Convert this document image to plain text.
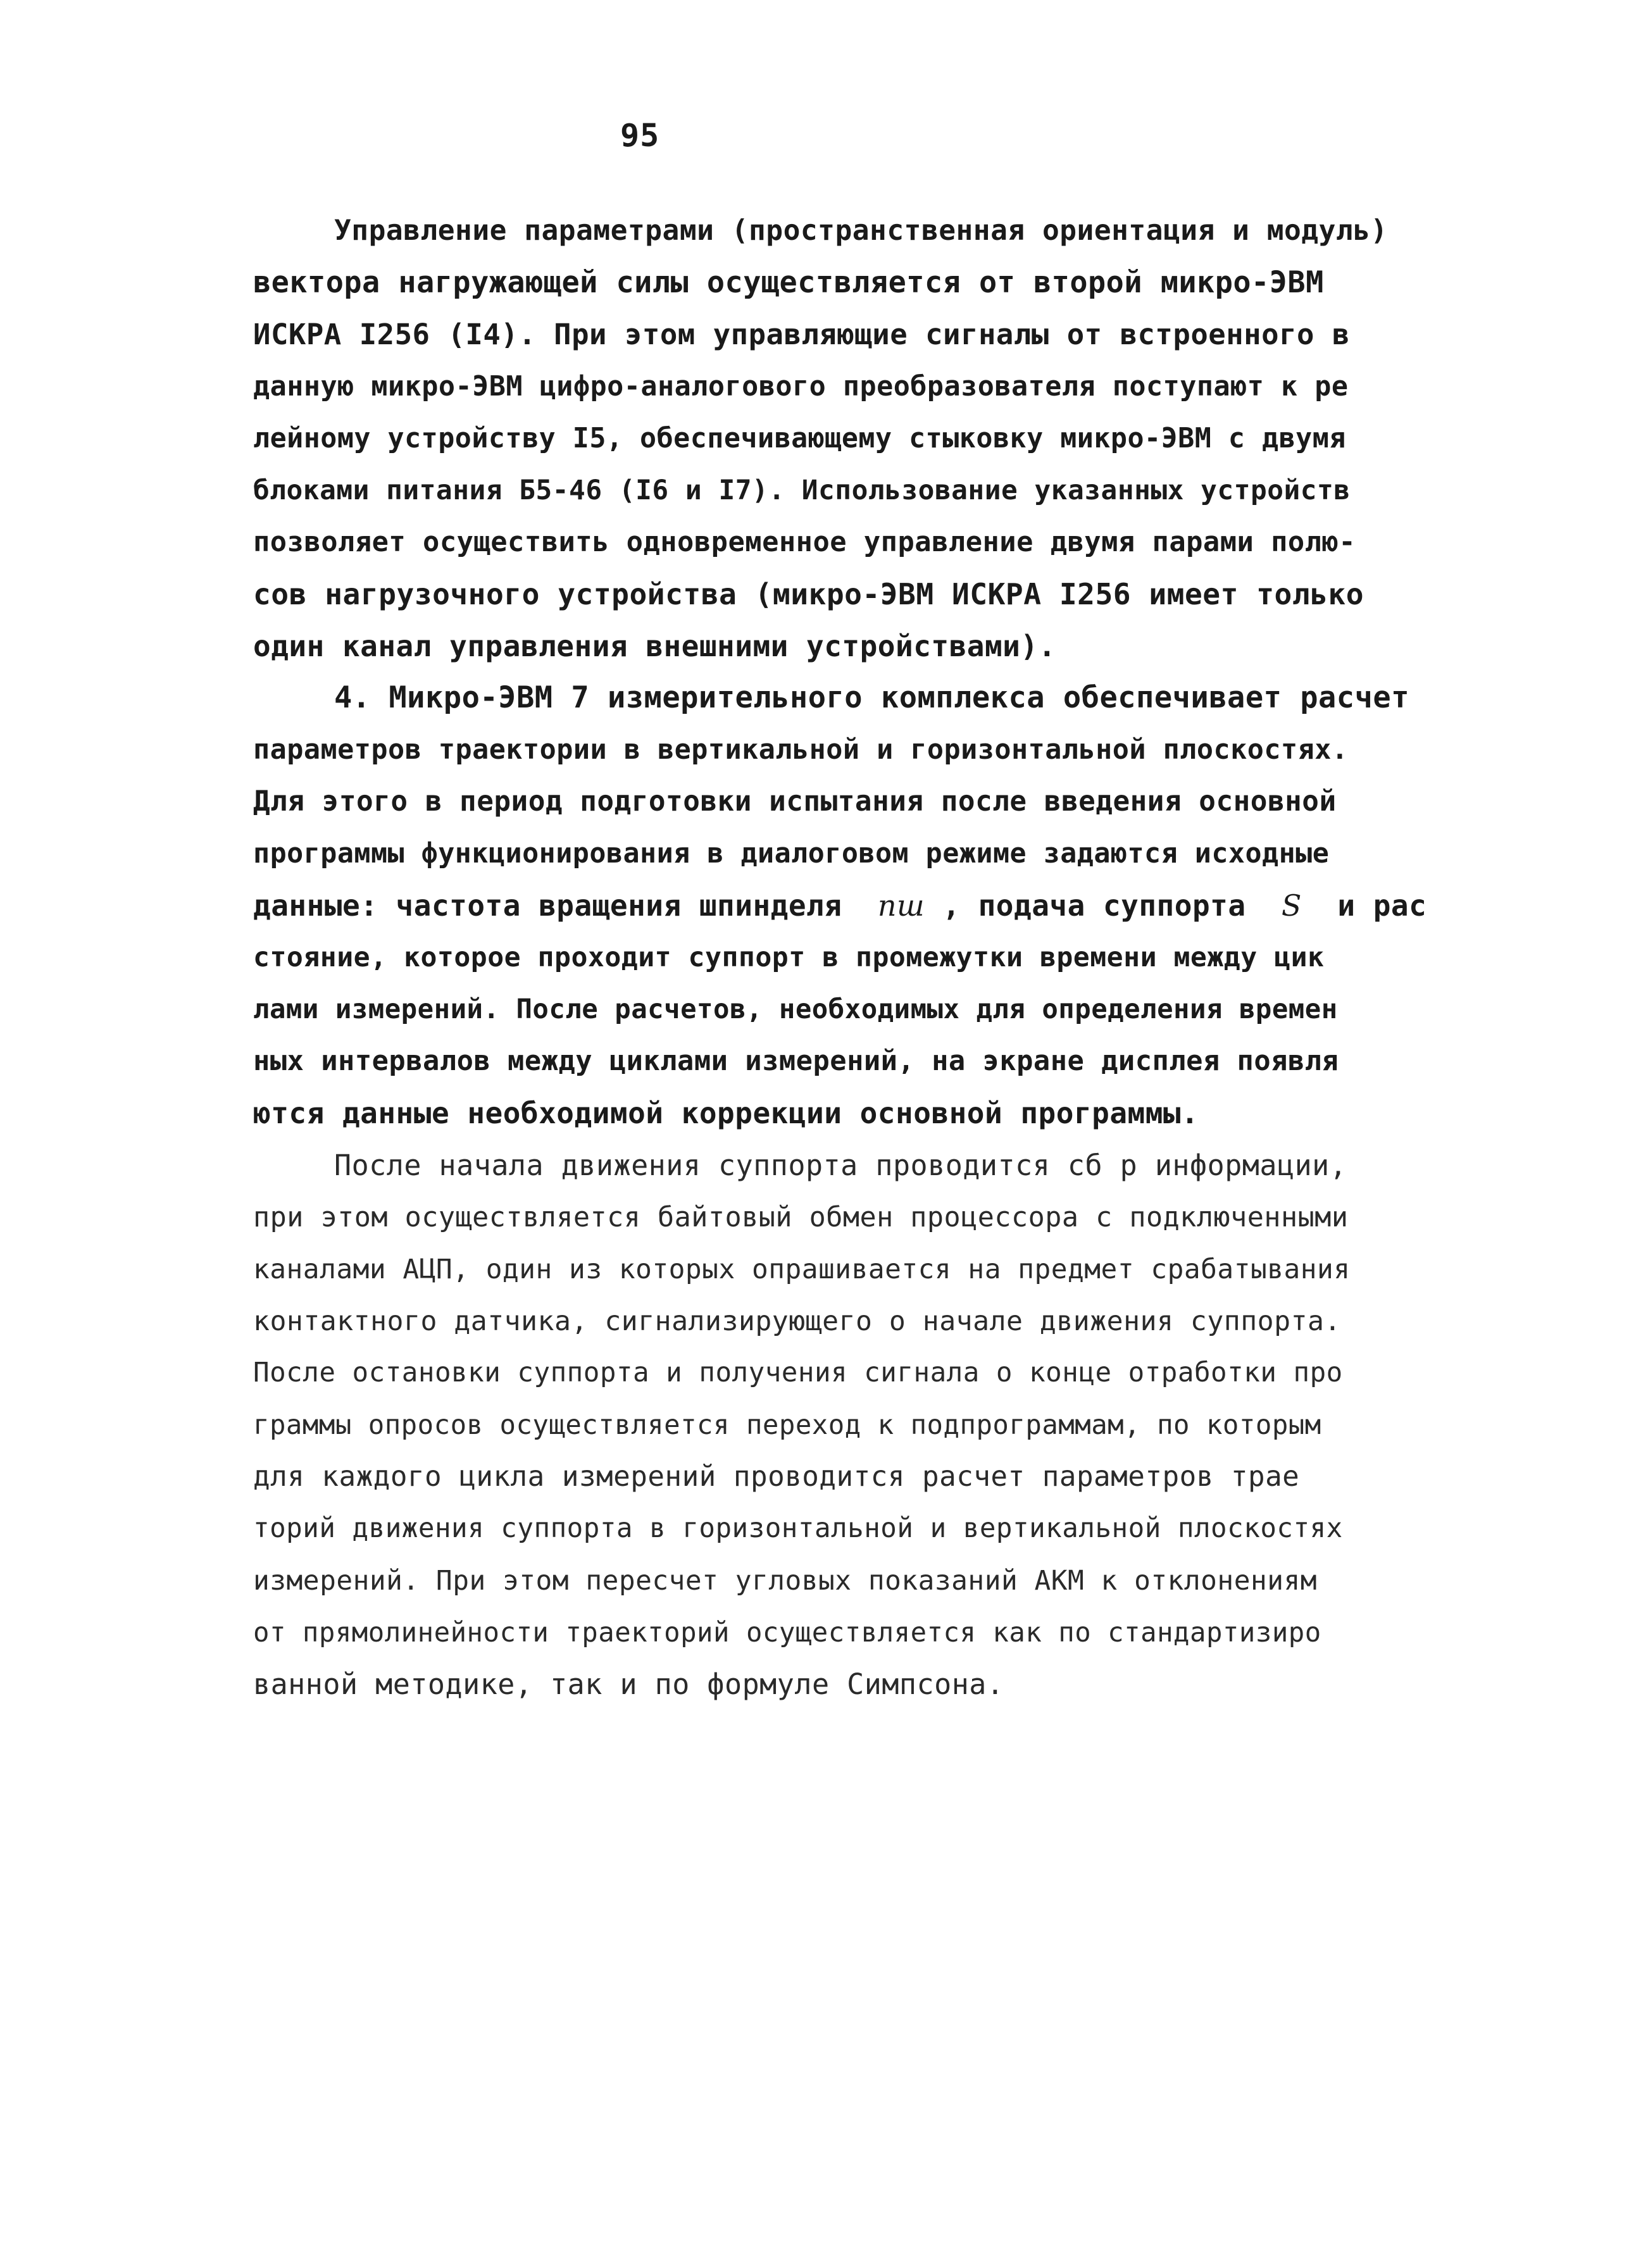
95
Управление параметрами (пространственная ориентация и модуль)
вектора нагружающей силы осуществляется от второй микро-ЭВМ
ИСКРА I256 (I4). При этом управляющие сигналы от встроенного в
данную микро-ЭВМ цифро-аналогового преобразователя поступают к ре
лейному устройству I5, обеспечивающему стыковку микро-ЭВМ с двумя
блоками питания Б5-46 (I6 и I7). Использование указанных устройств
позволяет осуществить одновременное управление двумя парами полю-
сов нагрузочного устройства (микро-ЭВМ ИСКРА I256 имеет только
один канал управления внешними устройствами).
4. Микро-ЭВМ 7 измерительного комплекса обеспечивает расчет
параметров траектории в вертикальной и горизонтальной плоскостях.
Для этого в период подготовки испытания после введения основной
программы функционирования в диалоговом режиме задаются исходные
данные: частота вращения шпинделя nш , подача суппорта S и рас
стояние, которое проходит суппорт в промежутки времени между цик
лами измерений. После расчетов, необходимых для определения времен
ных интервалов между циклами измерений, на экране дисплея появля
ются данные необходимой коррекции основной программы.
После начала движения суппорта проводится сб р информации,
при этом осуществляется байтовый обмен процессора с подключенными
каналами АЦП, один из которых опрашивается на предмет срабатывания
контактного датчика, сигнализирующего о начале движения суппорта.
После остановки суппорта и получения сигнала о конце отработки про
граммы опросов осуществляется переход к подпрограммам, по которым
для каждого цикла измерений проводится расчет параметров трае
торий движения суппорта в горизонтальной и вертикальной плоскостях
измерений. При этом пересчет угловых показаний АКМ к отклонениям
от прямолинейности траекторий осуществляется как по стандартизиро
ванной методике, так и по формуле Симпсона.
